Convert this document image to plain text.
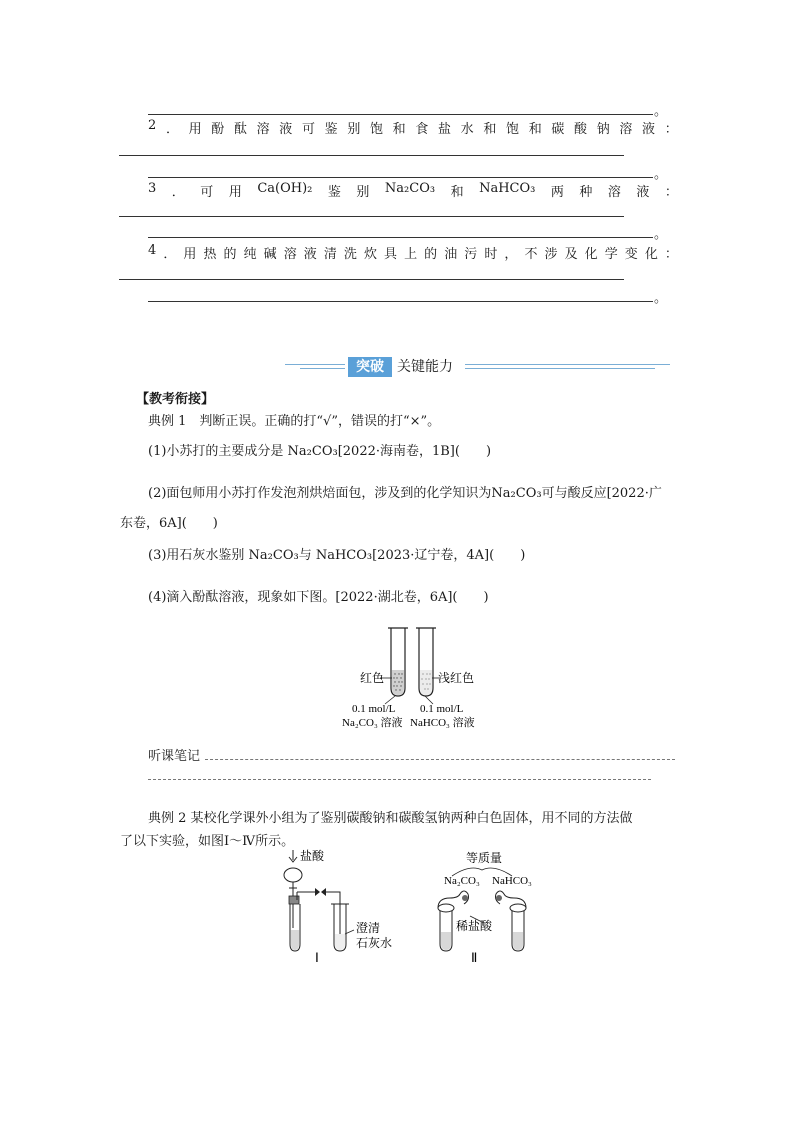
。
2 ． 用 酚 酞 溶 液 可 鉴 别 饱 和 食 盐 水 和 饱 和 碳 酸 钠 溶 液 ：
。
3 ． 可 用 Ca(OH)₂ 鉴 别 Na₂CO₃ 和 NaHCO₃ 两 种 溶 液 ：
。
4 ． 用 热 的 纯 碱 溶 液 清 洗 炊 具 上 的 油 污 时 ， 不 涉 及 化 学 变 化 ：
。
突破 关键能力
【教考衔接】
典例 1　判断正误。正确的打“√”，错误的打“×”。
(1)小苏打的主要成分是 Na₂CO₃[2022·海南卷，1B](　　)
(2)面包师用小苏打作发泡剂烘焙面包，涉及到的化学知识为Na₂CO₃可与酸反应[2022·广
东卷，6A](　　)
(3)用石灰水鉴别 Na₂CO₃与 NaHCO₃[2023·辽宁卷，4A](　　)
(4)滴入酚酞溶液，现象如下图。[2022·湖北卷，6A](　　)
红色	浅红色
0.1 mol/L 0.1 mol/L
Na₂CO₃ 溶液 NaHCO₃ 溶液
听课笔记
典例 2 某校化学课外小组为了鉴别碳酸钠和碳酸氢钠两种白色固体，用不同的方法做
了以下实验，如图Ⅰ～Ⅳ所示。
盐酸
澄清
石灰水
Ⅰ
等质量
Na₂CO₃ NaHCO₃
稀盐酸
Ⅱ
